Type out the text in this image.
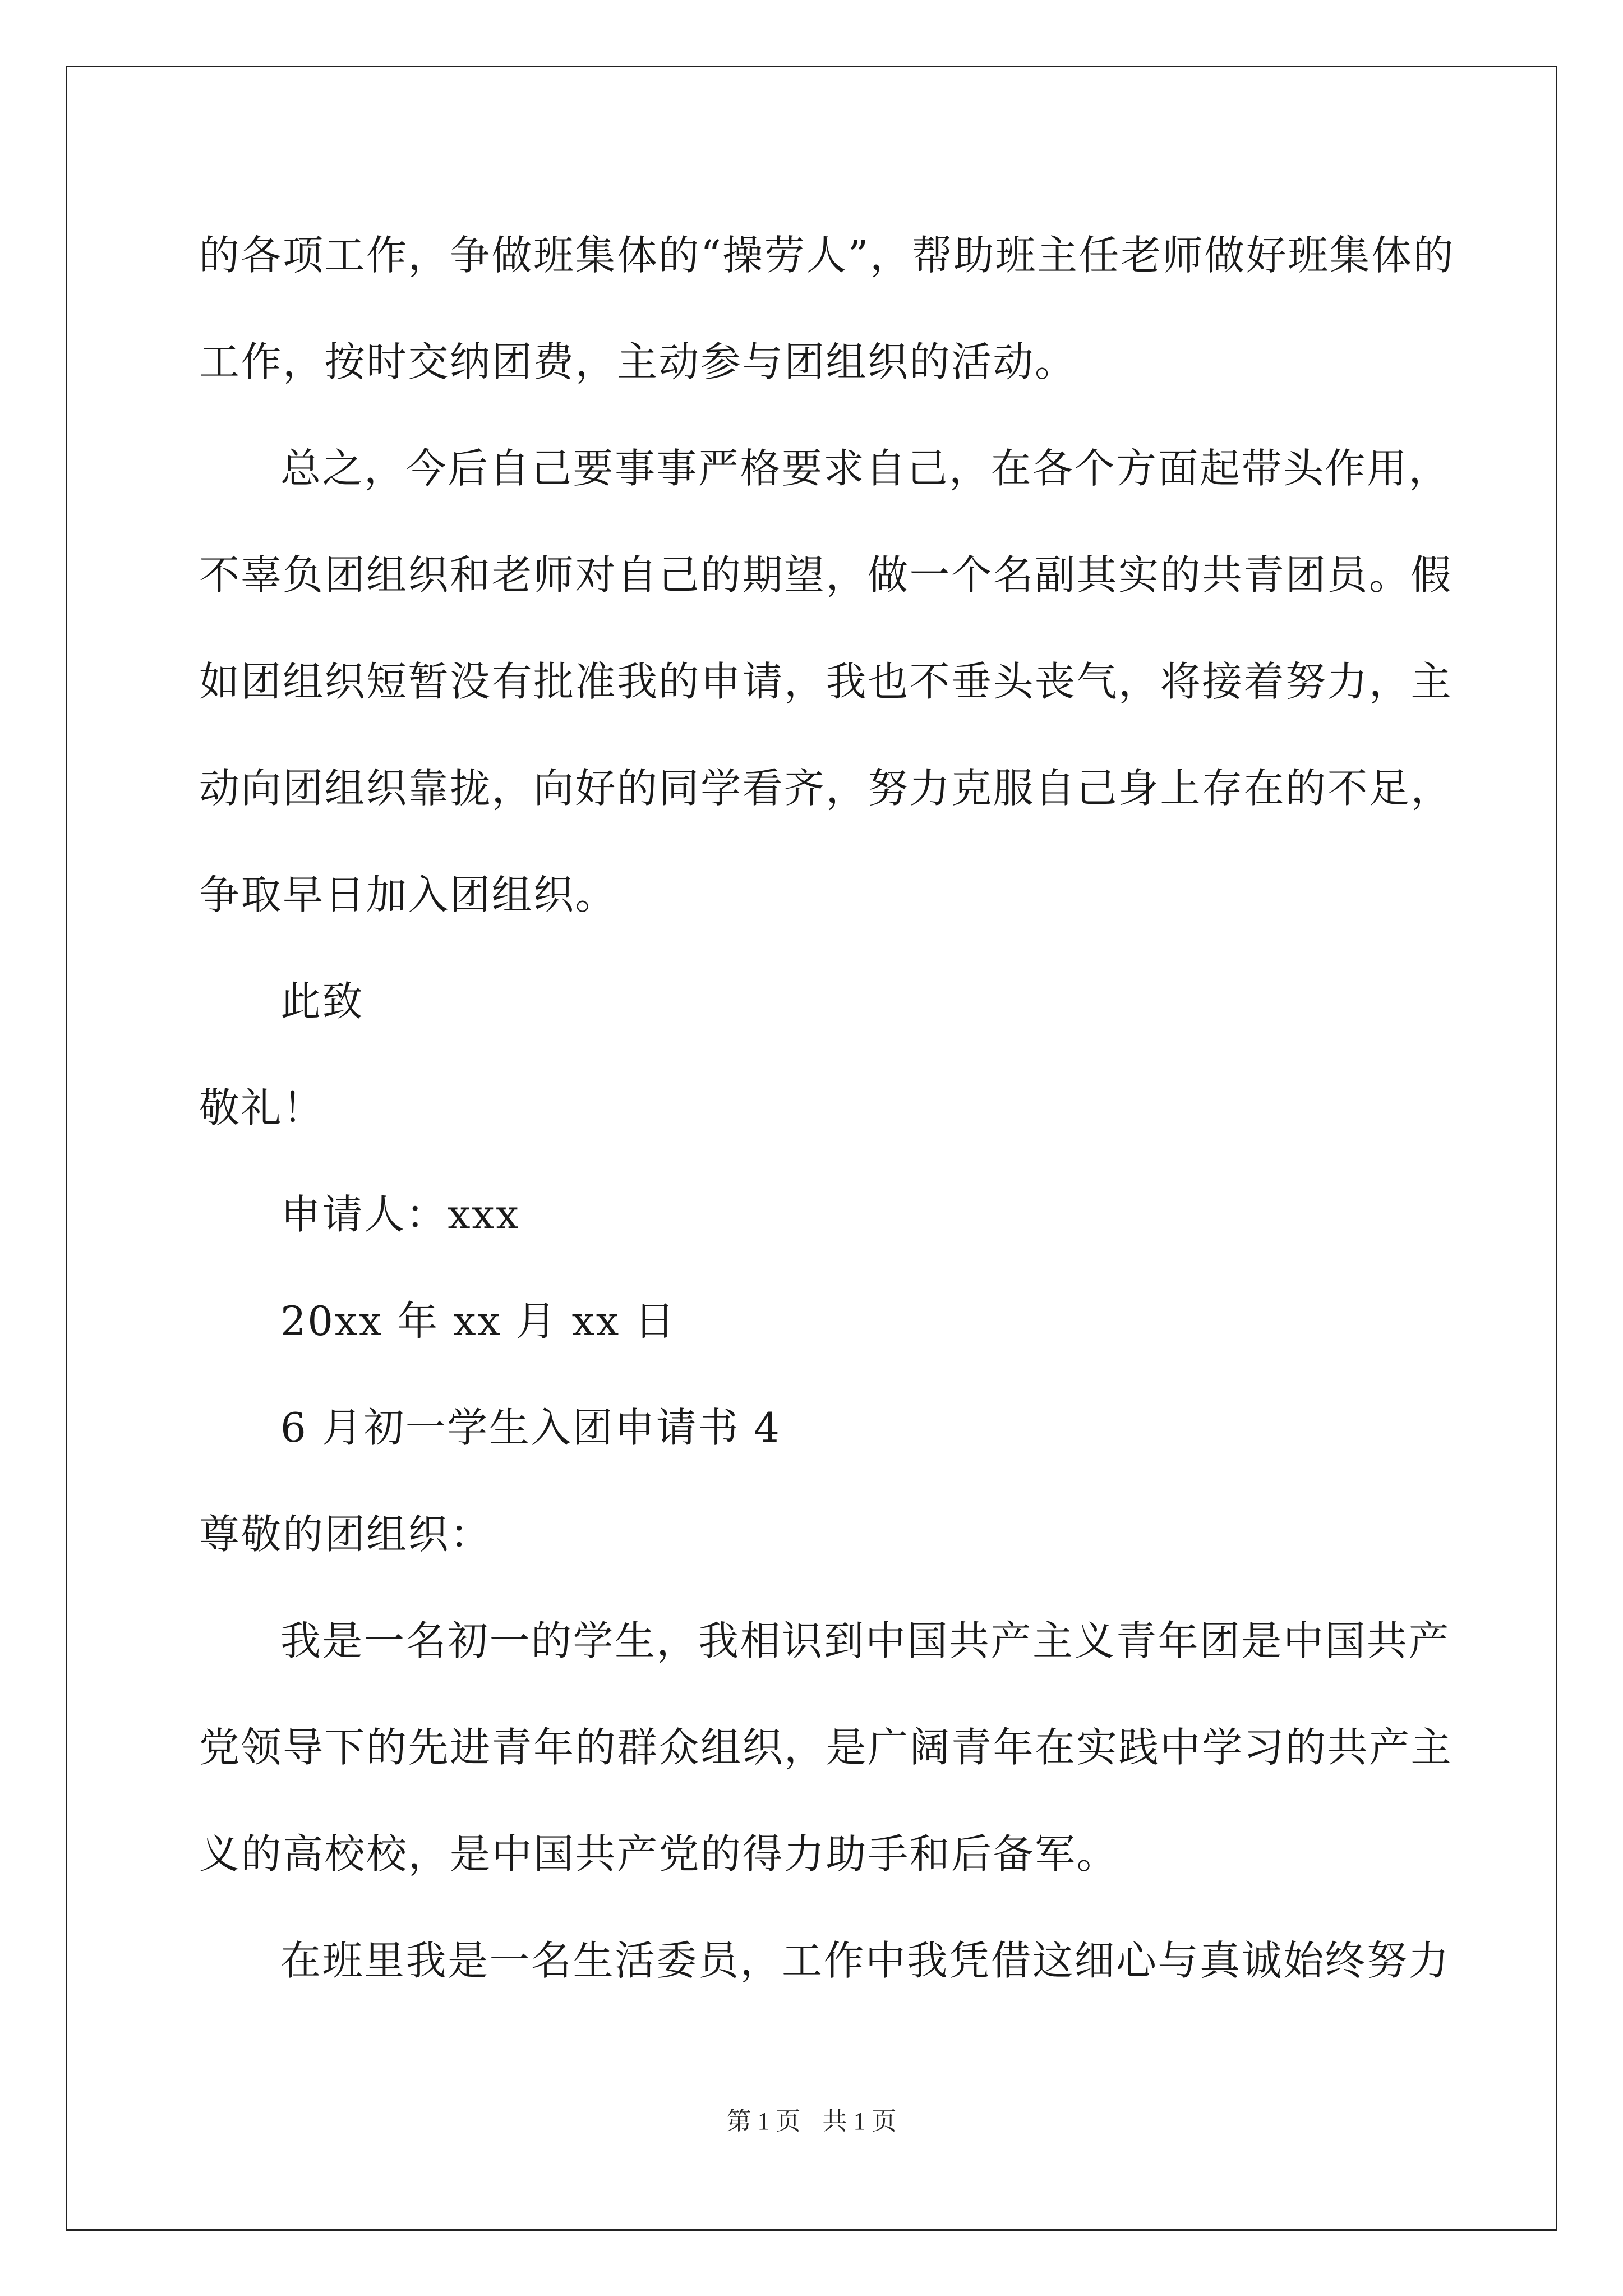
的各项工作，争做班集体的“操劳人”，帮助班主任老师做好班集体的
工作，按时交纳团费，主动参与团组织的活动。
总之，今后自己要事事严格要求自己，在各个方面起带头作用，
不辜负团组织和老师对自己的期望，做一个名副其实的共青团员。假
如团组织短暂没有批准我的申请，我也不垂头丧气，将接着努力，主
动向团组织靠拢，向好的同学看齐，努力克服自己身上存在的不足，
争取早日加入团组织。
此致
敬礼！
申请人：xxx
20xx 年 xx 月 xx 日
6 月初一学生入团申请书 4
尊敬的团组织：
我是一名初一的学生，我相识到中国共产主义青年团是中国共产
党领导下的先进青年的群众组织，是广阔青年在实践中学习的共产主
义的高校校，是中国共产党的得力助手和后备军。
在班里我是一名生活委员，工作中我凭借这细心与真诚始终努力
第 1 页 共 1 页
